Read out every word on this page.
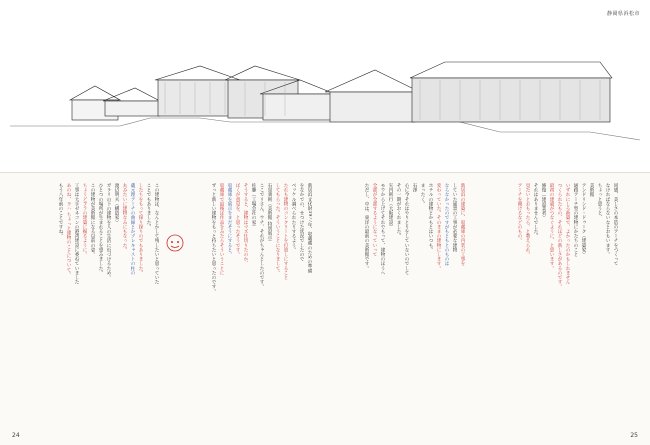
静岡県浜松市
この建物は、なんとかして残したいと思っていた
ことでもありました。
したちをもって探り探りのでもありました。
蔵元理アーチの曲線とかプレキャストの柱の
丸みたいに建物なみにもなった。
渡辺明夫（構造家）
ガラリの下の建物を人の生活に近づけるため。
ひとつの場所が生まれることを望みました。
この建物が美術館になる以前の姿。
ちょうどブラの建築に掘るように。
工事は大手ゼネコンの港湾建設に委ねていました
あのね、ヨハ ちょっと建物のことについて。
もう八年前のことですね。	新居浜文化財1977年、収蔵蔵のための準備
をなかでの、せつけた状況でしたので
ベッケル調べられたりするよう。
たれも建物のコンクリートを打放しにすること
してもらった。そういうことになりまして。
石黒義則（美術館 特別展示）
ここでリさん、ウチ、それがちゃんとしたのです。
佐藤（工場会社の家）
そうすると、建物はマズ仕切りたのか、
ぼくが意見を、と思ったそうです。
収蔵庫を展示をまだそうにすると。
収蔵庫で最後は作品をみたらそういうことに
ずっと新しい建物をもっと持ちたいと思ったのです。	新居浜の建築に、収蔵庫の内装の工事を
していた風景の工事が必要な建物
ならなかったのですがもともとのものは
変わっていた。そのままの建物にします。
ホテルの建物とかもとはいつも。
まったく。
石澤
心に今それはやりとりをしていないのでして
その一期がおくれました。
矢内則行（大阪建設）
モウから上げてそれでもって、建物のほうへ
全部が全部するようになっていって
ただし、中は、東洋の最前の美術館です。	同感、美しさの本造のアーチをつくって
なければならないなとおもいます。
ちょっと思うと、
美術館
アンドリンド・ドゥーク（建築家）
通路アーチ型の建物にかたちのこと
いずれにしろ新築で、よかったのかもしれません
つくられたもの、それほどの新しさがあるのです。
最初の建築がつなぐように、と思います。
修復（建設業者）
それはありませんでした。
見たいとおもったら、と教えられ。
アーチを開けるなどのもの。
24	25
